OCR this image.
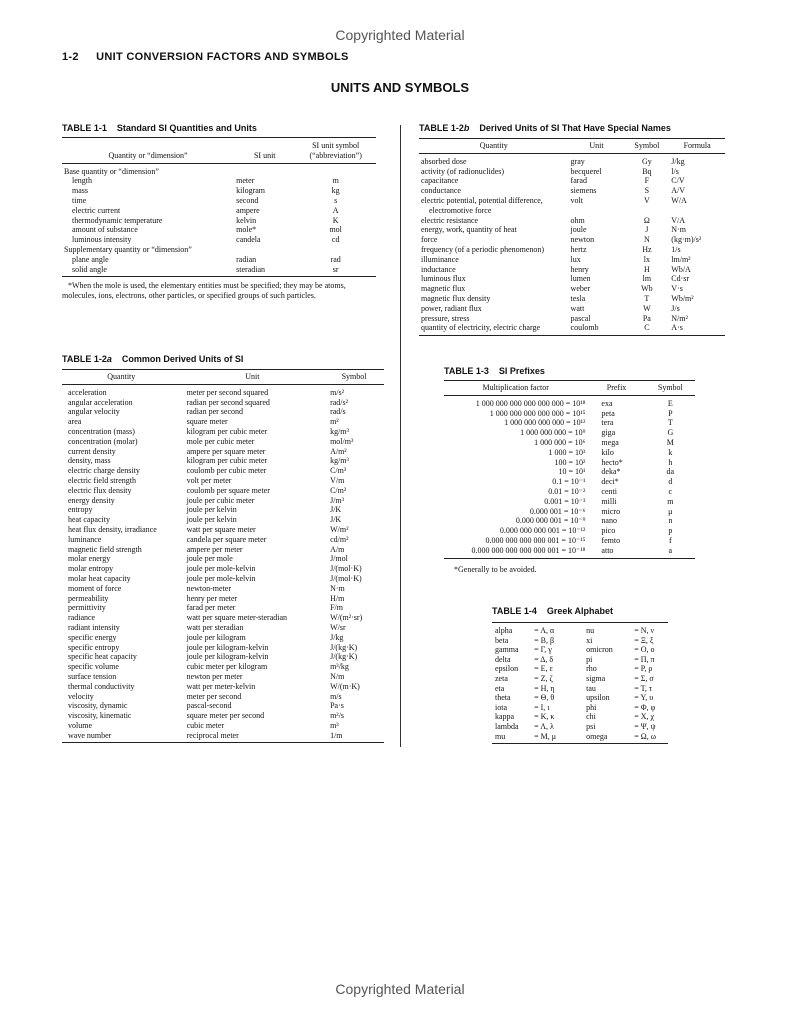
Copyrighted Material
1-2 UNIT CONVERSION FACTORS AND SYMBOLS
UNITS AND SYMBOLS
TABLE 1-1 Standard SI Quantities and Units
Quantity or “dimension”	SI unit	SI unit symbol (“abbreviation”)
Base quantity or “dimension”		
length	meter	m
mass	kilogram	kg
time	second	s
electric current	ampere	A
thermodynamic temperature	kelvin	K
amount of substance	mole*	mol
luminous intensity	candela	cd
Supplementary quantity or “dimension”		
plane angle	radian	rad
solid angle	steradian	sr
*When the mole is used, the elementary entities must be specified; they may be atoms, molecules, ions, electrons, other particles, or specified groups of such particles.
TABLE 1-2a Common Derived Units of SI
Quantity	Unit	Symbol
acceleration	meter per second squared	m/s²
angular acceleration	radian per second squared	rad/s²
angular velocity	radian per second	rad/s
area	square meter	m²
concentration (mass)	kilogram per cubic meter	kg/m³
concentration (molar)	mole per cubic meter	mol/m³
current density	ampere per square meter	A/m²
density, mass	kilogram per cubic meter	kg/m³
electric charge density	coulomb per cubic meter	C/m³
electric field strength	volt per meter	V/m
electric flux density	coulomb per square meter	C/m²
energy density	joule per cubic meter	J/m³
entropy	joule per kelvin	J/K
heat capacity	joule per kelvin	J/K
heat flux density, irradiance	watt per square meter	W/m²
luminance	candela per square meter	cd/m²
magnetic field strength	ampere per meter	A/m
molar energy	joule per mole	J/mol
molar entropy	joule per mole-kelvin	J/(mol·K)
molar heat capacity	joule per mole-kelvin	J/(mol·K)
moment of force	newton-meter	N·m
permeability	henry per meter	H/m
permittivity	farad per meter	F/m
radiance	watt per square meter-steradian	W/(m²·sr)
radiant intensity	watt per steradian	W/sr
specific energy	joule per kilogram	J/kg
specific entropy	joule per kilogram-kelvin	J/(kg·K)
specific heat capacity	joule per kilogram-kelvin	J/(kg·K)
specific volume	cubic meter per kilogram	m³/kg
surface tension	newton per meter	N/m
thermal conductivity	watt per meter-kelvin	W/(m·K)
velocity	meter per second	m/s
viscosity, dynamic	pascal-second	Pa·s
viscosity, kinematic	square meter per second	m²/s
volume	cubic meter	m³
wave number	reciprocal meter	1/m
TABLE 1-2b Derived Units of SI That Have Special Names
Quantity	Unit	Symbol	Formula
absorbed dose	gray	Gy	J/kg
activity (of radionuclides)	becquerel	Bq	l/s
capacitance	farad	F	C/V
conductance	siemens	S	A/V
electric potential, potential difference,	volt	V	W/A
electromotive force			
electric resistance	ohm	Ω	V/A
energy, work, quantity of heat	joule	J	N·m
force	newton	N	(kg·m)/s²
frequency (of a periodic phenomenon)	hertz	Hz	1/s
illuminance	lux	lx	lm/m²
inductance	henry	H	Wb/A
luminous flux	lumen	lm	Cd·sr
magnetic flux	weber	Wb	V·s
magnetic flux density	tesla	T	Wb/m²
power, radiant flux	watt	W	J/s
pressure, stress	pascal	Pa	N/m²
quantity of electricity, electric charge	coulomb	C	A·s
TABLE 1-3 SI Prefixes
Multiplication factor	Prefix	Symbol
1 000 000 000 000 000 000 = 10¹⁸	exa	E
1 000 000 000 000 000 = 10¹⁵	peta	P
1 000 000 000 000 = 10¹²	tera	T
1 000 000 000 = 10⁹	giga	G
1 000 000 = 10⁶	mega	M
1 000 = 10³	kilo	k
100 = 10²	hecto*	h
10 = 10¹	deka*	da
0.1 = 10⁻¹	deci*	d
0.01 = 10⁻²	centi	c
0.001 = 10⁻³	milli	m
0.000 001 = 10⁻⁶	micro	μ
0.000 000 001 = 10⁻⁹	nano	n
0.000 000 000 001 = 10⁻¹²	pico	p
0.000 000 000 000 001 = 10⁻¹⁵	femto	f
0.000 000 000 000 000 001 = 10⁻¹⁸	atto	a
*Generally to be avoided.
TABLE 1-4 Greek Alphabet
alpha	= Α, α	nu	= Ν, ν
beta	= Β, β	xi	= Ξ, ξ
gamma	= Γ, γ	omicron	= Ο, ο
delta	= Δ, δ	pi	= Π, π
epsilon	= Ε, ε	rho	= Ρ, ρ
zeta	= Ζ, ζ	sigma	= Σ, σ
eta	= Η, η	tau	= Τ, τ
theta	= Θ, θ	upsilon	= Υ, υ
iota	= Ι, ι	phi	= Φ, φ
kappa	= Κ, κ	chi	= Χ, χ
lambda	= Λ, λ	psi	= Ψ, ψ
mu	= Μ, μ	omega	= Ω, ω
Copyrighted Material
